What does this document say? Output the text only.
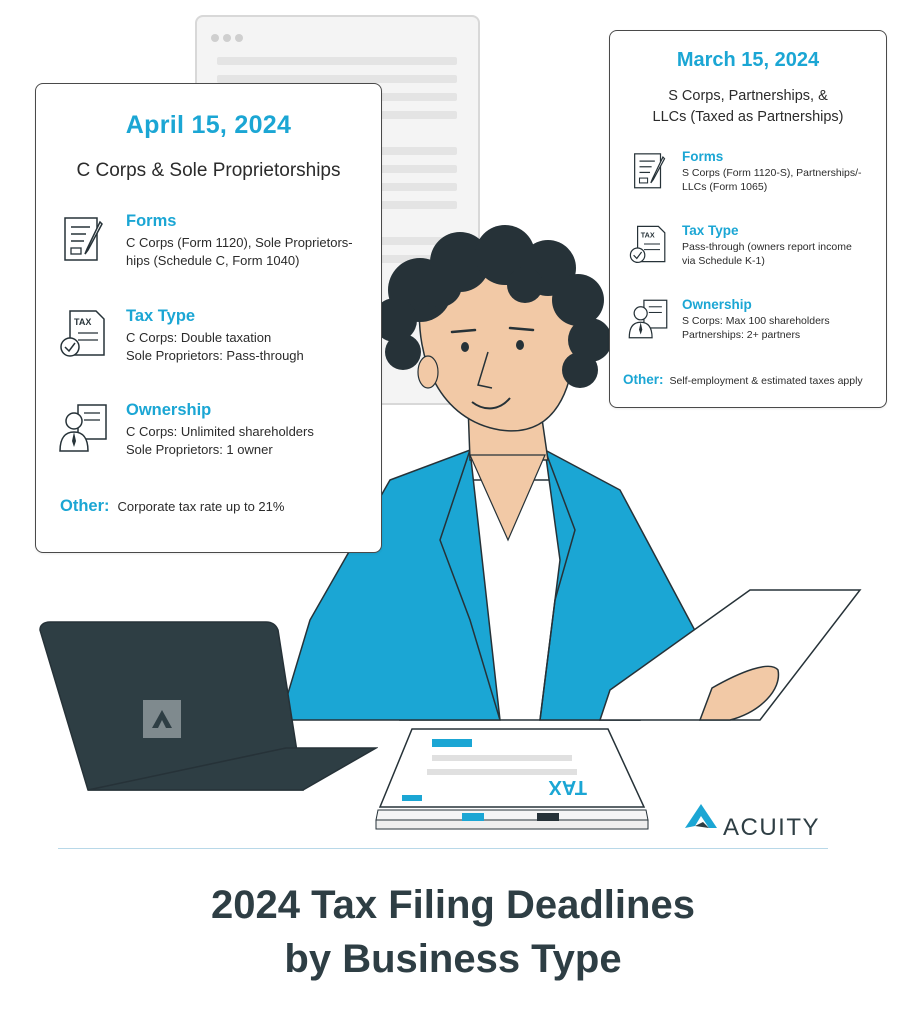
TAX
April 15, 2024
C Corps & Sole Proprietorships
Forms
C Corps (Form 1120), Sole Proprietors-
hips (Schedule C, Form 1040)
TAX Tax Type
C Corps: Double taxation
Sole Proprietors: Pass-through
Ownership
C Corps: Unlimited shareholders
Sole Proprietors: 1 owner
Other: Corporate tax rate up to 21%
March 15, 2024
S Corps, Partnerships, &
LLCs (Taxed as Partnerships)
Forms
S Corps (Form 1120-S), Partnerships/-
LLCs (Form 1065)
TAX Tax Type
Pass-through (owners report income
via Schedule K-1)
Ownership
S Corps: Max 100 shareholders
Partnerships: 2+ partners
Other: Self-employment & estimated taxes apply
ACUITY
2024 Tax Filing Deadlines
by Business Type
